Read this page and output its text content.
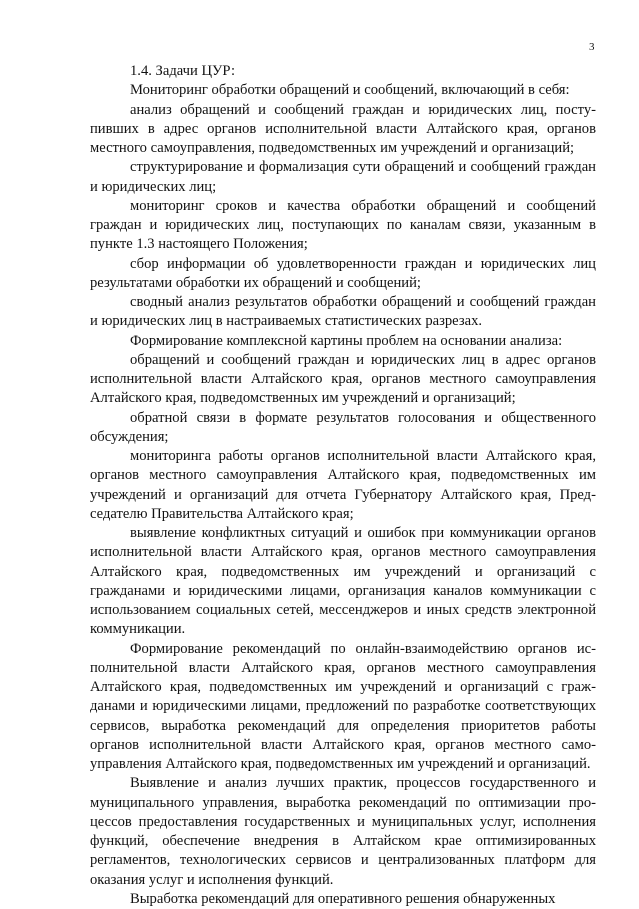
3

1.4. Задачи ЦУР:

Мониторинг обработки обращений и сообщений, включающий в себя:

анализ обращений и сообщений граждан и юридических лиц, поступивших в адрес органов исполнительной власти Алтайского края, органов местного самоуправления, подведомственных им учреждений и организаций;

структурирование и формализация сути обращений и сообщений граждан и юридических лиц;

мониторинг сроков и качества обработки обращений и сообщений граждан и юридических лиц, поступающих по каналам связи, указанным в пункте 1.3 настоящего Положения;

сбор информации об удовлетворенности граждан и юридических лиц результатами обработки их обращений и сообщений;

сводный анализ результатов обработки обращений и сообщений граждан и юридических лиц в настраиваемых статистических разрезах.

Формирование комплексной картины проблем на основании анализа:

обращений и сообщений граждан и юридических лиц в адрес органов исполнительной власти Алтайского края, органов местного самоуправления Алтайского края, подведомственных им учреждений и организаций;

обратной связи в формате результатов голосования и общественного обсуждения;

мониторинга работы органов исполнительной власти Алтайского края, органов местного самоуправления Алтайского края, подведомственных им учреждений и организаций для отчета Губернатору Алтайского края, Председателю Правительства Алтайского края;

выявление конфликтных ситуаций и ошибок при коммуникации органов исполнительной власти Алтайского края, органов местного самоуправления Алтайского края, подведомственных им учреждений и организаций с гражданами и юридическими лицами, организация каналов коммуникации с использованием социальных сетей, мессенджеров и иных средств электронной коммуникации.

Формирование рекомендаций по онлайн-взаимодействию органов исполнительной власти Алтайского края, органов местного самоуправления Алтайского края, подведомственных им учреждений и организаций с гражданами и юридическими лицами, предложений по разработке соответствующих сервисов, выработка рекомендаций для определения приоритетов работы органов исполнительной власти Алтайского края, органов местного самоуправления Алтайского края, подведомственных им учреждений и организаций.

Выявление и анализ лучших практик, процессов государственного и муниципального управления, выработка рекомендаций по оптимизации процессов предоставления государственных и муниципальных услуг, исполнения функций, обеспечение внедрения в Алтайском крае оптимизированных регламентов, технологических сервисов и централизованных платформ для оказания услуг и исполнения функций.

Выработка рекомендаций для оперативного решения обнаруженных
